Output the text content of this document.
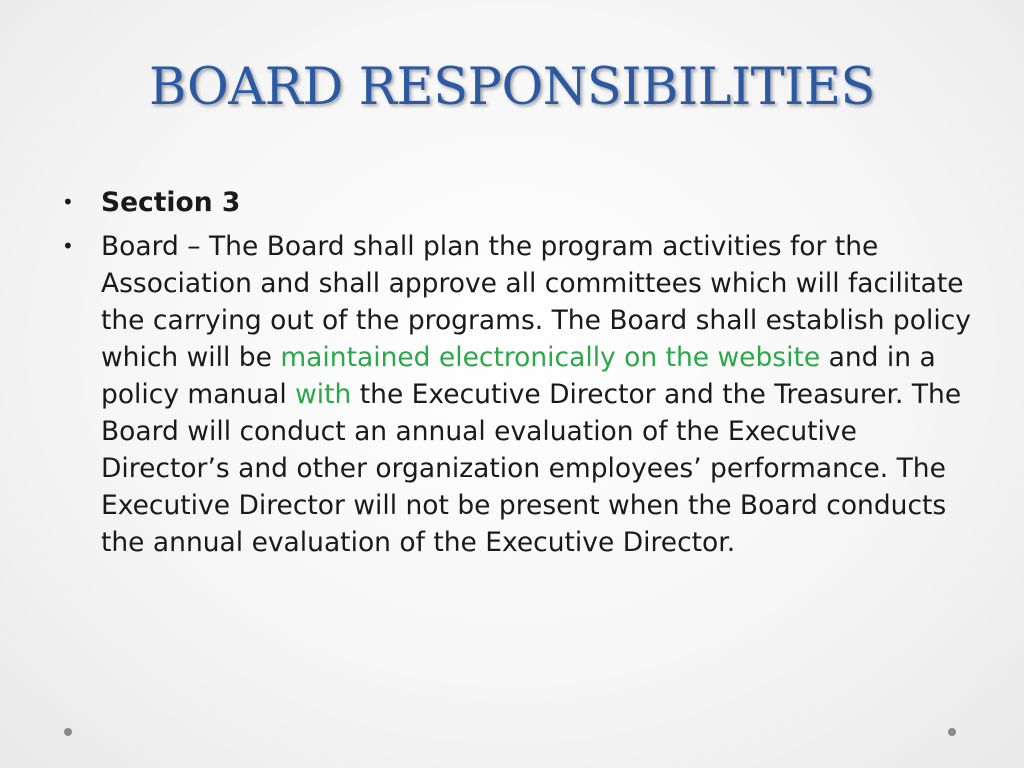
BOARD RESPONSIBILITIES
•	Section 3
•	Board – The Board shall plan the program activities for the Association and shall approve all committees which will facilitate the carrying out of the programs. The Board shall establish policy which will be maintained electronically on the website and in a policy manual with the Executive Director and the Treasurer. The Board will conduct an annual evaluation of the Executive Director’s and other organization employees’ performance. The Executive Director will not be present when the Board conducts the annual evaluation of the Executive Director.
